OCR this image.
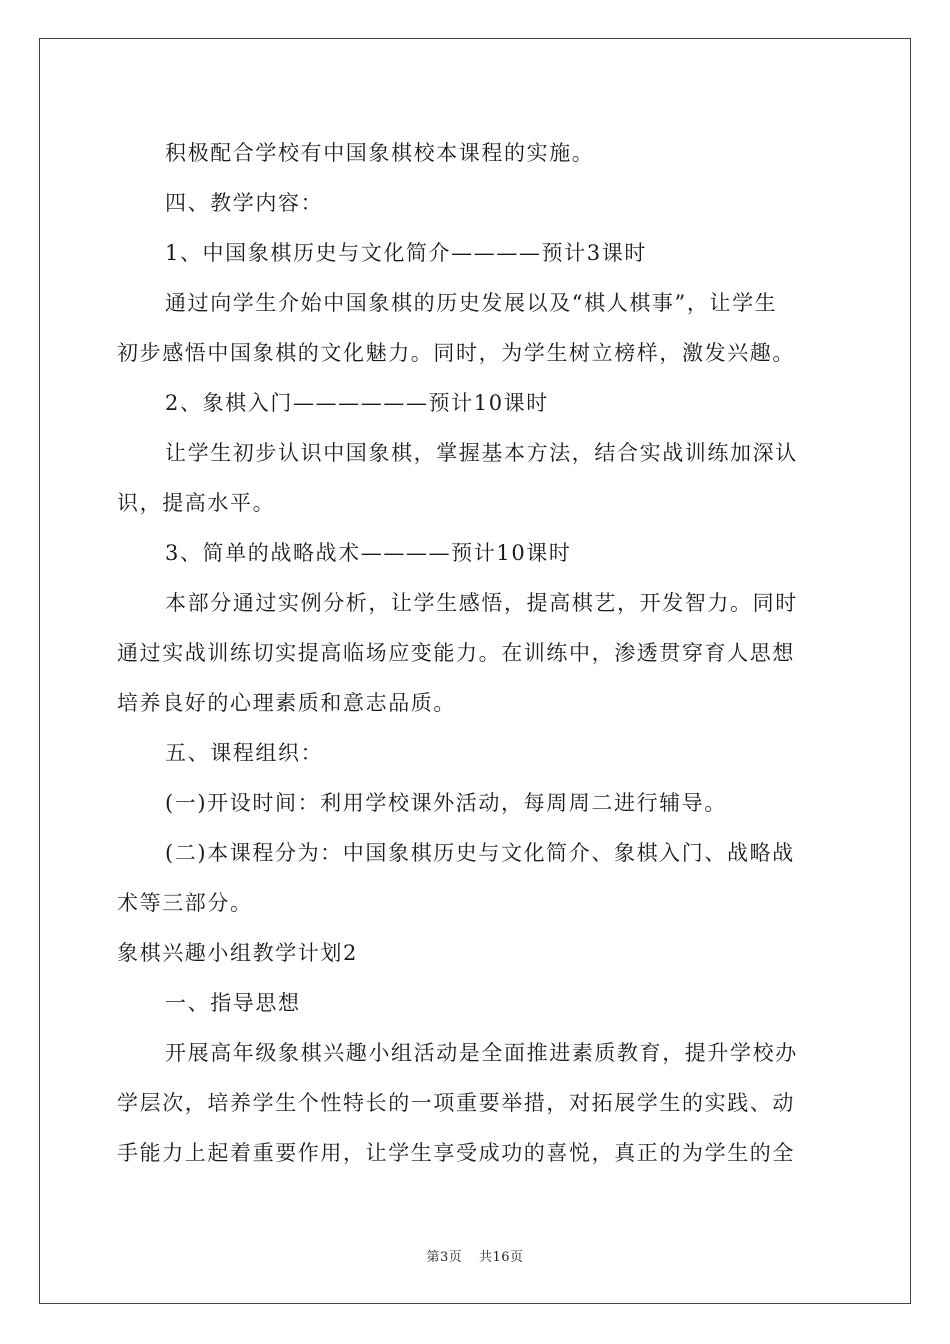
积极配合学校有中国象棋校本课程的实施。
四、教学内容：
1、中国象棋历史与文化简介————预计3课时
通过向学生介始中国象棋的历史发展以及“棋人棋事”，让学生
初步感悟中国象棋的文化魅力。同时，为学生树立榜样，激发兴趣。
2、象棋入门——————预计10课时
让学生初步认识中国象棋，掌握基本方法，结合实战训练加深认
识，提高水平。
3、简单的战略战术————预计10课时
本部分通过实例分析，让学生感悟，提高棋艺，开发智力。同时
通过实战训练切实提高临场应变能力。在训练中，渗透贯穿育人思想
培养良好的心理素质和意志品质。
五、课程组织：
(一)开设时间：利用学校课外活动，每周周二进行辅导。
(二)本课程分为：中国象棋历史与文化简介、象棋入门、战略战
术等三部分。
象棋兴趣小组教学计划2
一、指导思想
开展高年级象棋兴趣小组活动是全面推进素质教育，提升学校办
学层次，培养学生个性特长的一项重要举措，对拓展学生的实践、动
手能力上起着重要作用，让学生享受成功的喜悦，真正的为学生的全
第3页 共16页
